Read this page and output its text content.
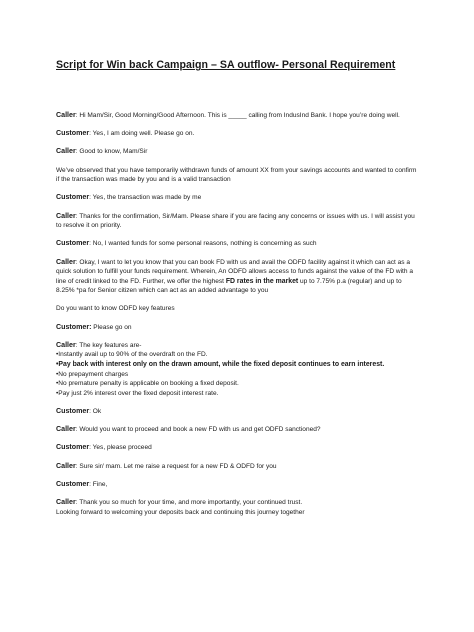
Script for Win back Campaign – SA outflow- Personal Requirement

Caller: Hi Mam/Sir, Good Morning/Good Afternoon. This is _____ calling from IndusInd Bank. I hope you’re doing well.

Customer: Yes, I am doing well. Please go on.

Caller: Good to know, Mam/Sir

We’ve observed that you have temporarily withdrawn funds of amount XX from your savings accounts and wanted to confirm if the transaction was made by you and is a valid transaction

Customer: Yes, the transaction was made by me

Caller: Thanks for the confirmation, Sir/Mam. Please share if you are facing any concerns or issues with us. I will assist you to resolve it on priority.

Customer: No, I wanted funds for some personal reasons, nothing is concerning as such

Caller: Okay, I want to let you know that you can book FD with us and avail the ODFD facility against it which can act as a quick solution to fulfill your funds requirement. Wherein, An ODFD allows access to funds against the value of the FD with a line of credit linked to the FD. Further, we offer the highest FD rates in the market up to 7.75% p.a (regular) and up to 8.25% *pa for Senior citizen which can act as an added advantage to you

Do you want to know ODFD key features

Customer: Please go on

Caller: The key features are-
•Instantly avail up to 90% of the overdraft on the FD.
•Pay back with interest only on the drawn amount, while the fixed deposit continues to earn interest.
•No prepayment charges
•No premature penalty is applicable on booking a fixed deposit.
•Pay just 2% interest over the fixed deposit interest rate.

Customer: Ok

Caller: Would you want to proceed and book a new FD with us and get ODFD sanctioned?

Customer: Yes, please proceed

Caller: Sure sir/ mam. Let me raise a request for a new FD & ODFD for you

Customer: Fine,

Caller: Thank you so much for your time, and more importantly, your continued trust.
Looking forward to welcoming your deposits back and continuing this journey together
